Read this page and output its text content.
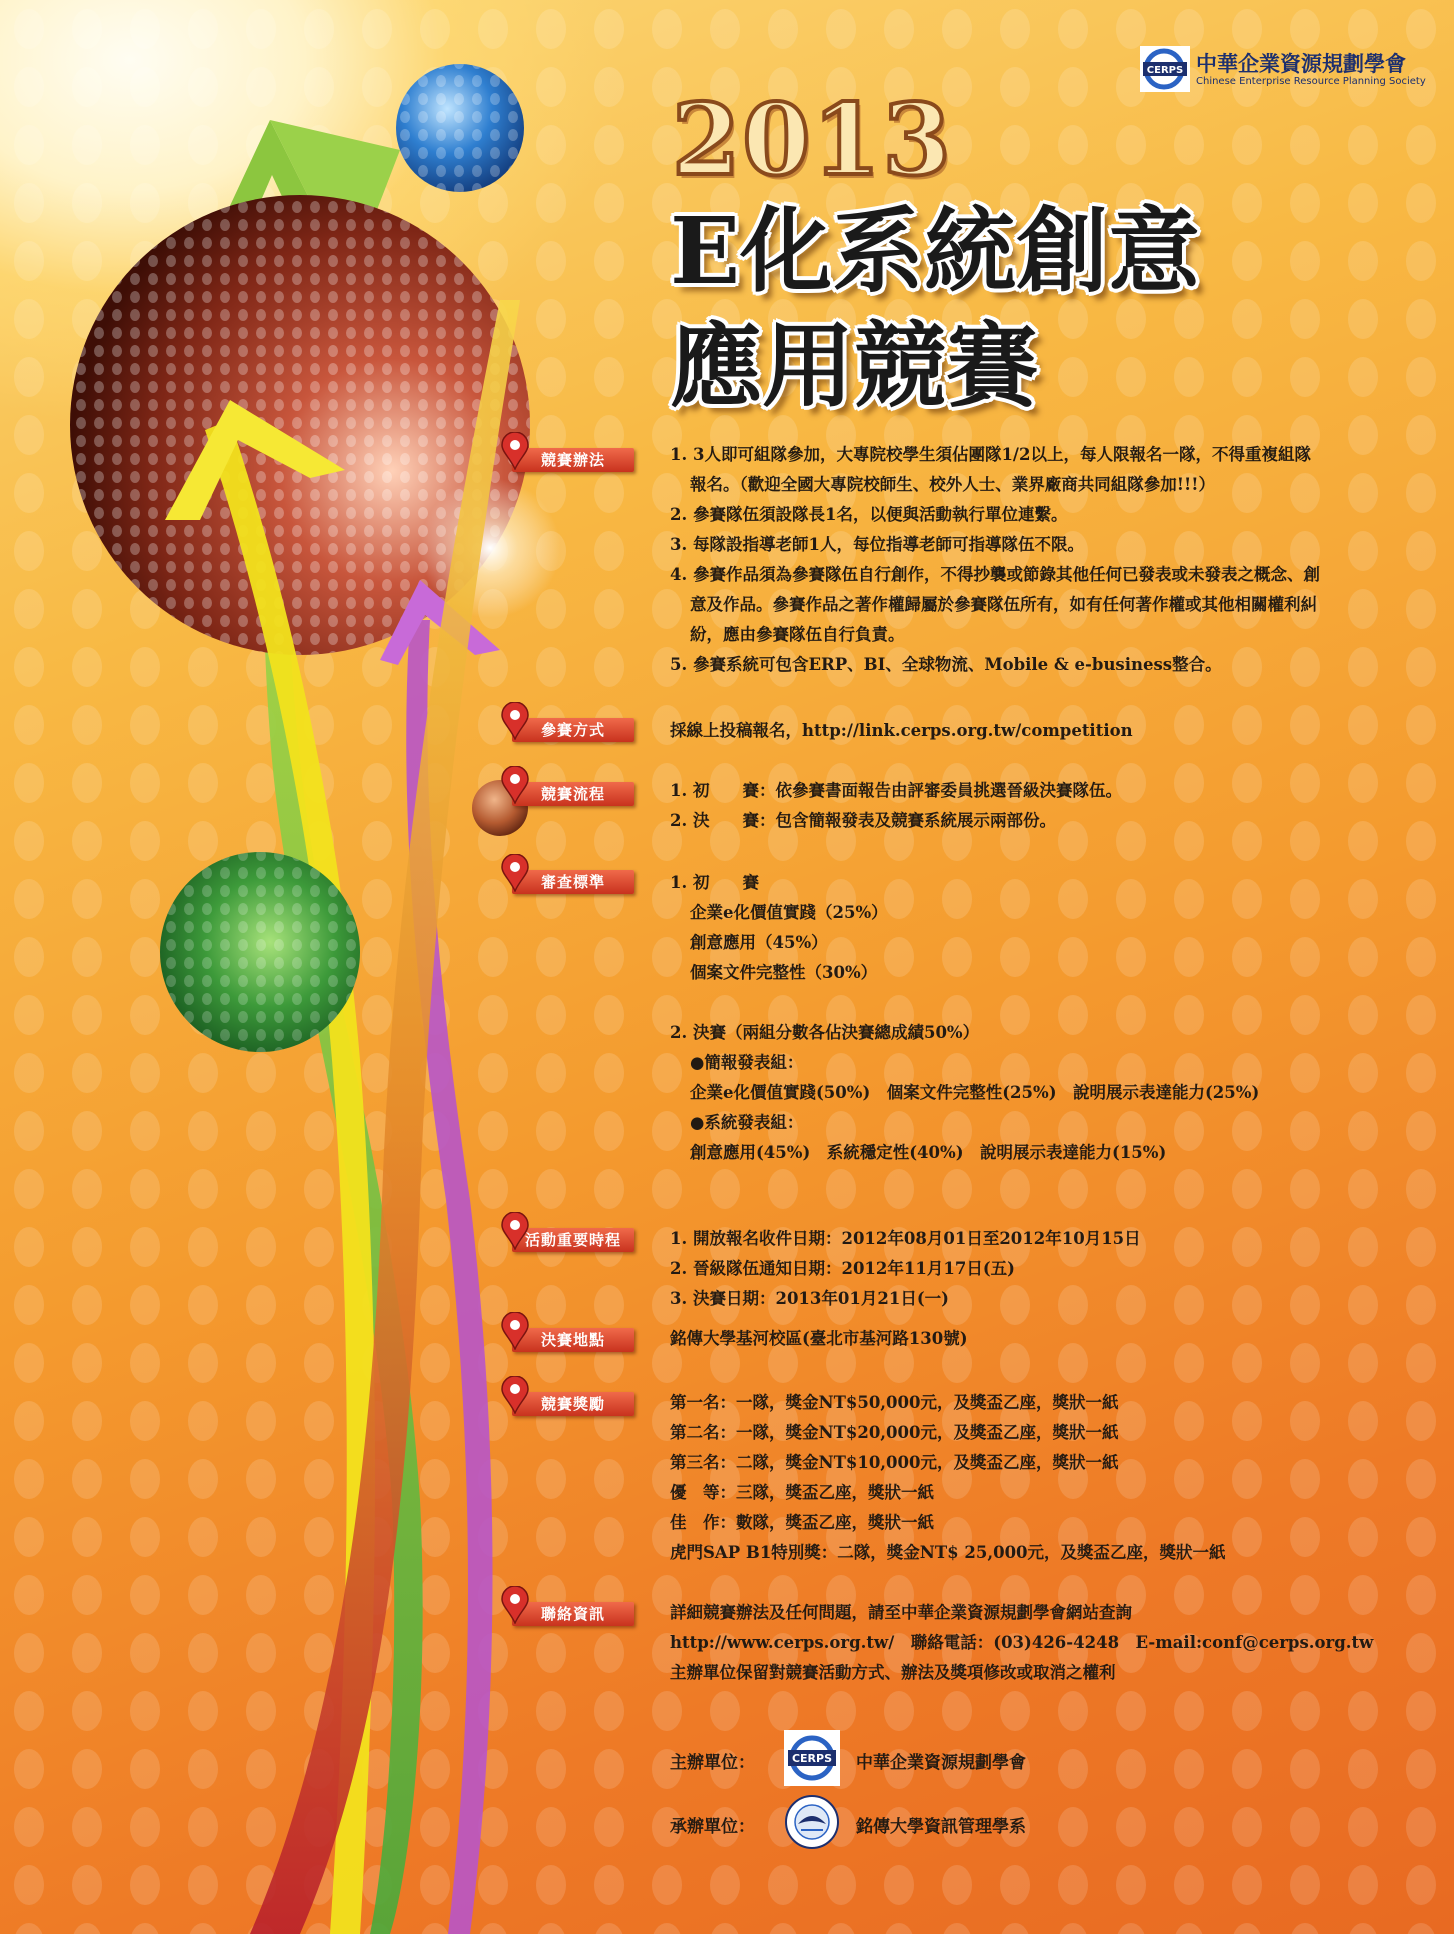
CERPS 中華企業資源規劃學會
Chinese Enterprise Resource Planning Society
2013
E化系統創意
應用競賽
競賽辦法	1. 3人即可組隊參加，大專院校學生須佔團隊1/2以上，每人限報名一隊，不得重複組隊

報名。（歡迎全國大專院校師生、校外人士、業界廠商共同組隊參加!!!）

2. 參賽隊伍須設隊長1名，以便與活動執行單位連繫。

3. 每隊設指導老師1人，每位指導老師可指導隊伍不限。

4. 參賽作品須為參賽隊伍自行創作，不得抄襲或節錄其他任何已發表或未發表之概念、創

意及作品。參賽作品之著作權歸屬於參賽隊伍所有，如有任何著作權或其他相關權利糾

紛，應由參賽隊伍自行負責。

5. 參賽系統可包含ERP、BI、全球物流、Mobile & e-business整合。

參賽方式	採線上投稿報名，http://link.cerps.org.tw/competition

競賽流程	1. 初　　賽：依參賽書面報告由評審委員挑選晉級決賽隊伍。

2. 決　　賽：包含簡報發表及競賽系統展示兩部份。

審查標準	1. 初　　賽

企業e化價值實踐（25%）

創意應用（45%）

個案文件完整性（30%）

2. 決賽（兩組分數各佔決賽總成績50%）

●簡報發表組：

企業e化價值實踐(50%)　個案文件完整性(25%)　說明展示表達能力(25%)

●系統發表組：

創意應用(45%)　系統穩定性(40%)　說明展示表達能力(15%)

活動重要時程	1. 開放報名收件日期：2012年08月01日至2012年10月15日

2. 晉級隊伍通知日期：2012年11月17日(五)

3. 決賽日期：2013年01月21日(一)

決賽地點	銘傳大學基河校區(臺北市基河路130號)

競賽獎勵	第一名：一隊，獎金NT$50,000元，及獎盃乙座，獎狀一紙

第二名：一隊，獎金NT$20,000元，及獎盃乙座，獎狀一紙

第三名：二隊，獎金NT$10,000元，及獎盃乙座，獎狀一紙

優　等：三隊，獎盃乙座，獎狀一紙

佳　作：數隊，獎盃乙座，獎狀一紙

虎門SAP B1特別獎：二隊，獎金NT$ 25,000元，及獎盃乙座，獎狀一紙

聯絡資訊	詳細競賽辦法及任何問題，請至中華企業資源規劃學會網站查詢

http://www.cerps.org.tw/　聯絡電話：(03)426-4248　E-mail:conf@cerps.org.tw

主辦單位保留對競賽活動方式、辦法及獎項修改或取消之權利

主辦單位：	CERPS 中華企業資源規劃學會
承辦單位：	銘傳大學資訊管理學系
